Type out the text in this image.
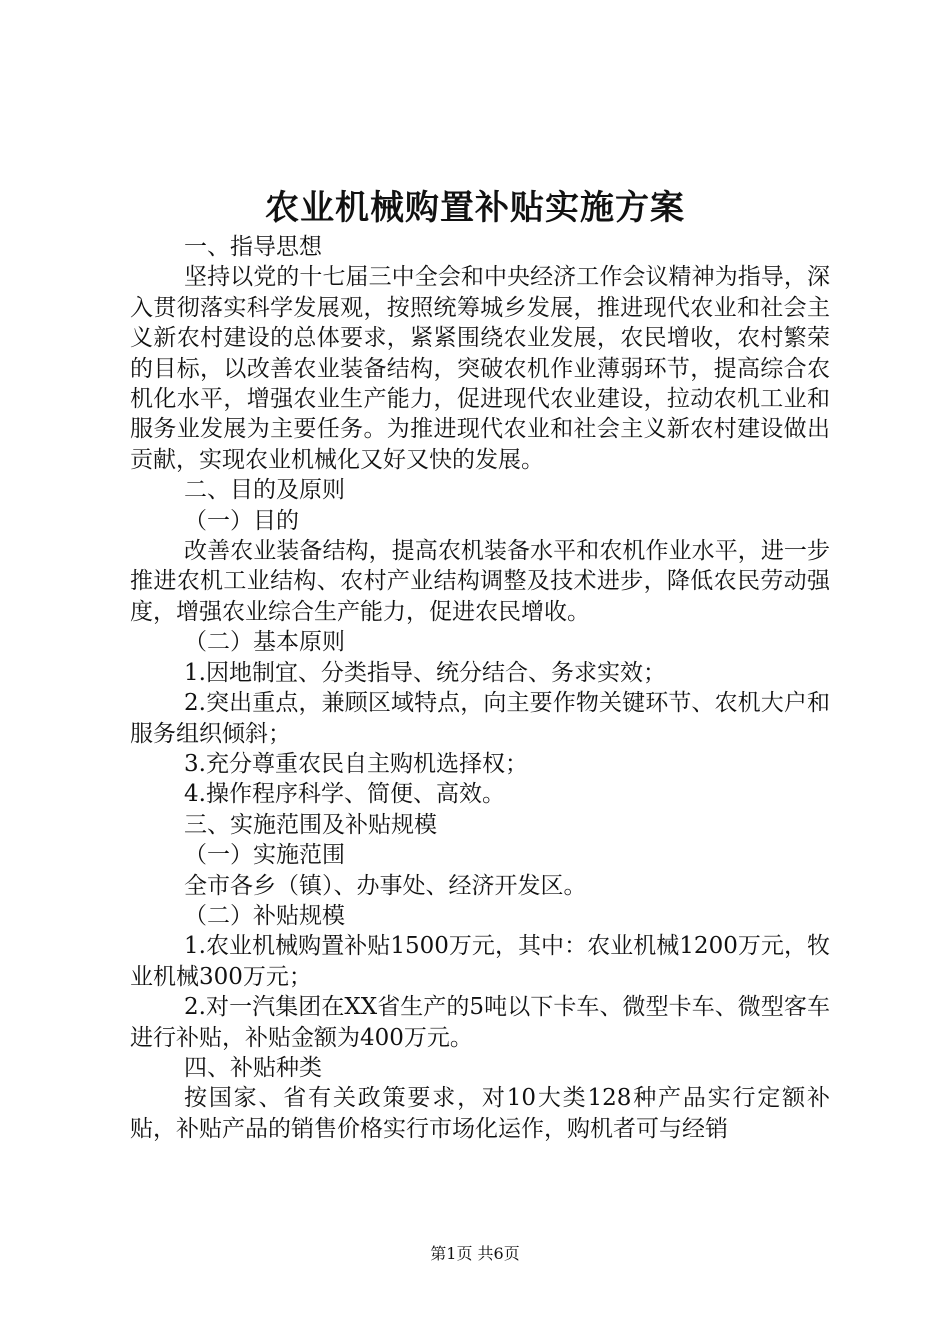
农业机械购置补贴实施方案

一、指导思想

坚持以党的十七届三中全会和中央经济工作会议精神为指导，深入贯彻落实科学发展观，按照统筹城乡发展，推进现代农业和社会主义新农村建设的总体要求，紧紧围绕农业发展，农民增收，农村繁荣的目标，以改善农业装备结构，突破农机作业薄弱环节，提高综合农机化水平，增强农业生产能力，促进现代农业建设，拉动农机工业和服务业发展为主要任务。为推进现代农业和社会主义新农村建设做出贡献，实现农业机械化又好又快的发展。

二、目的及原则

（一）目的

改善农业装备结构，提高农机装备水平和农机作业水平，进一步推进农机工业结构、农村产业结构调整及技术进步，降低农民劳动强度，增强农业综合生产能力，促进农民增收。

（二）基本原则

1.因地制宜、分类指导、统分结合、务求实效；

2.突出重点，兼顾区域特点，向主要作物关键环节、农机大户和服务组织倾斜；

3.充分尊重农民自主购机选择权；

4.操作程序科学、简便、高效。

三、实施范围及补贴规模

（一）实施范围

全市各乡（镇）、办事处、经济开发区。

（二）补贴规模

1.农业机械购置补贴1500万元，其中：农业机械1200万元，牧业机械300万元；

2.对一汽集团在XX省生产的5吨以下卡车、微型卡车、微型客车进行补贴，补贴金额为400万元。

四、补贴种类

按国家、省有关政策要求，对10大类128种产品实行定额补贴，补贴产品的销售价格实行市场化运作，购机者可与经销

第1页 共6页
